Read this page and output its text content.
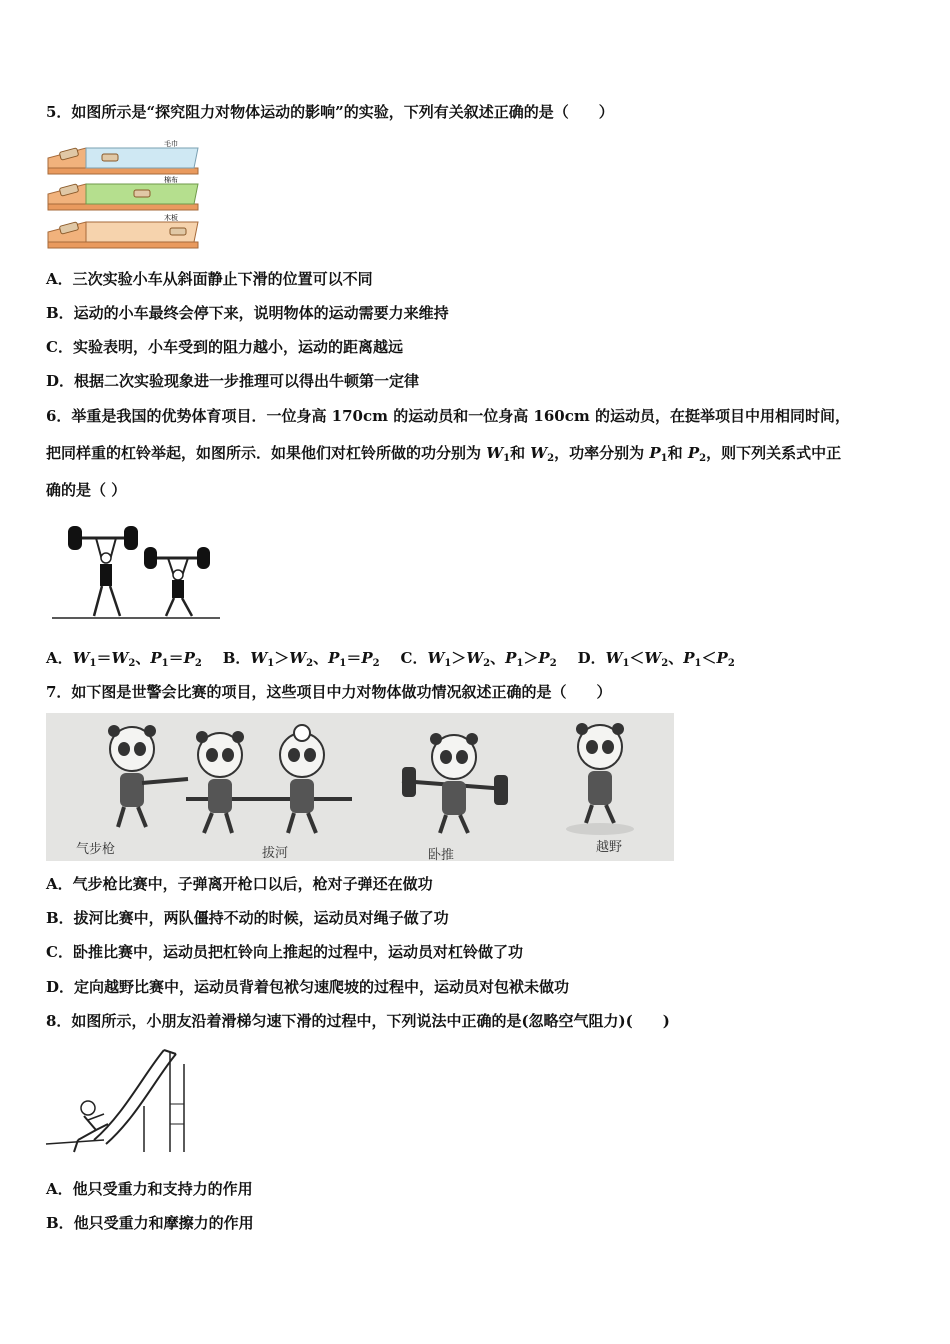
5．如图所示是“探究阻力对物体运动的影响”的实验，下列有关叙述正确的是（　　）
毛巾
棉布
木板
A．三次实验小车从斜面静止下滑的位置可以不同
B．运动的小车最终会停下来，说明物体的运动需要力来维持
C．实验表明，小车受到的阻力越小，运动的距离越远
D．根据二次实验现象进一步推理可以得出牛顿第一定律
6．举重是我国的优势体育项目．一位身高 170cm 的运动员和一位身高 160cm 的运动员，在挺举项目中用相同时间，
把同样重的杠铃举起，如图所示．如果他们对杠铃所做的功分别为 $W_1$和 $W_2$，功率分别为 $P_1$和 $P_2$，则下列关系式中正
确的是（ ）
A．$W_1=W_2$、$P_1=P_2$ B．$W_1>W_2$、$P_1=P_2$ C．$W_1>W_2$、$P_1>P_2$ D．$W_1<W_2$、$P_1<P_2$
7．如下图是世警会比赛的项目，这些项目中力对物体做功情况叙述正确的是（　　）
气步枪	拔河	卧推
越野
A．气步枪比赛中，子弹离开枪口以后，枪对子弹还在做功
B．拔河比赛中，两队僵持不动的时候，运动员对绳子做了功
C．卧推比赛中，运动员把杠铃向上推起的过程中，运动员对杠铃做了功
D．定向越野比赛中，运动员背着包袱匀速爬坡的过程中，运动员对包袱未做功
8．如图所示，小朋友沿着滑梯匀速下滑的过程中，下列说法中正确的是(忽略空气阻力)(　　)
A．他只受重力和支持力的作用
B．他只受重力和摩擦力的作用
